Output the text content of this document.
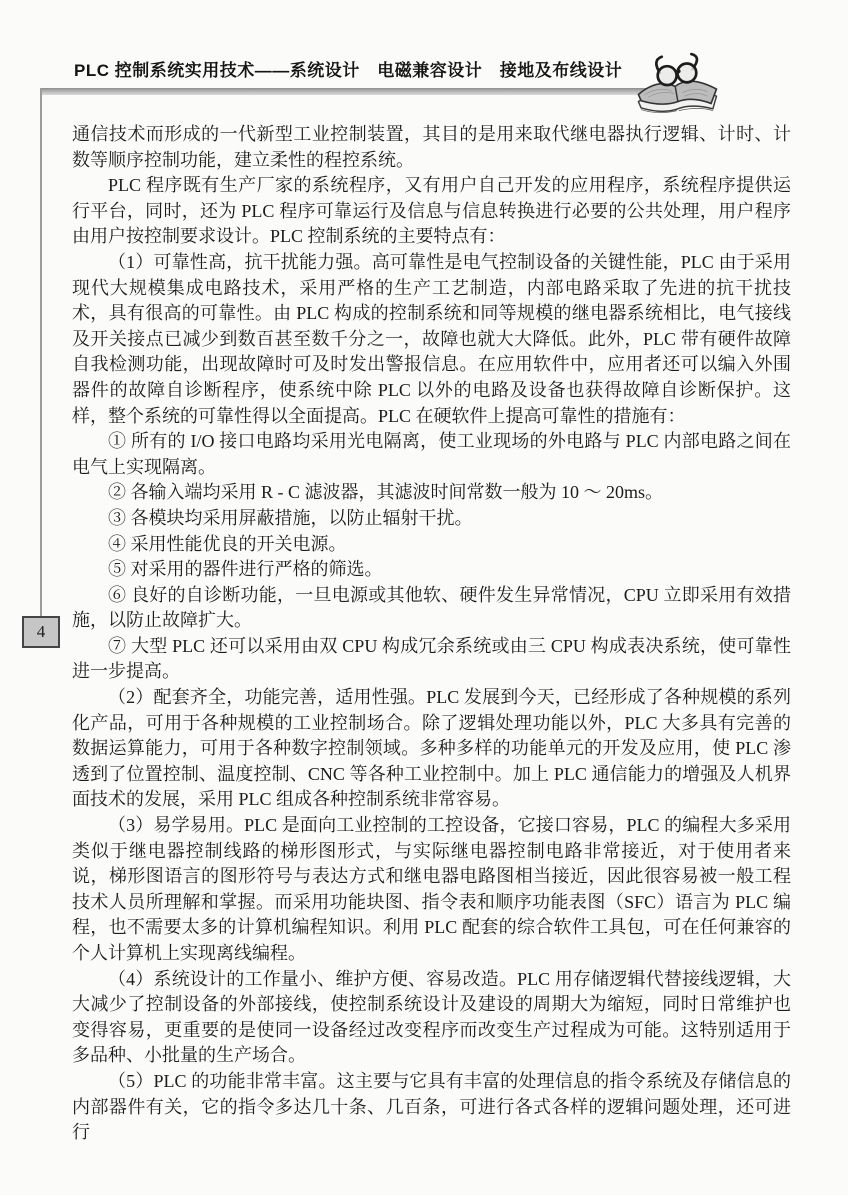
PLC 控制系统实用技术——系统设计　电磁兼容设计　接地及布线设计
4

通信技术而形成的一代新型工业控制装置，其目的是用来取代继电器执行逻辑、计时、计数等顺序控制功能，建立柔性的程控系统。

PLC 程序既有生产厂家的系统程序，又有用户自己开发的应用程序，系统程序提供运行平台，同时，还为 PLC 程序可靠运行及信息与信息转换进行必要的公共处理，用户程序由用户按控制要求设计。PLC 控制系统的主要特点有：

（1）可靠性高，抗干扰能力强。高可靠性是电气控制设备的关键性能，PLC 由于采用现代大规模集成电路技术，采用严格的生产工艺制造，内部电路采取了先进的抗干扰技术，具有很高的可靠性。由 PLC 构成的控制系统和同等规模的继电器系统相比，电气接线及开关接点已减少到数百甚至数千分之一，故障也就大大降低。此外，PLC 带有硬件故障自我检测功能，出现故障时可及时发出警报信息。在应用软件中，应用者还可以编入外围器件的故障自诊断程序，使系统中除 PLC 以外的电路及设备也获得故障自诊断保护。这样，整个系统的可靠性得以全面提高。PLC 在硬软件上提高可靠性的措施有：

① 所有的 I/O 接口电路均采用光电隔离，使工业现场的外电路与 PLC 内部电路之间在电气上实现隔离。

② 各输入端均采用 R - C 滤波器，其滤波时间常数一般为 10 ～ 20ms。

③ 各模块均采用屏蔽措施，以防止辐射干扰。

④ 采用性能优良的开关电源。

⑤ 对采用的器件进行严格的筛选。

⑥ 良好的自诊断功能，一旦电源或其他软、硬件发生异常情况，CPU 立即采用有效措施，以防止故障扩大。

⑦ 大型 PLC 还可以采用由双 CPU 构成冗余系统或由三 CPU 构成表决系统，使可靠性进一步提高。

（2）配套齐全，功能完善，适用性强。PLC 发展到今天，已经形成了各种规模的系列化产品，可用于各种规模的工业控制场合。除了逻辑处理功能以外，PLC 大多具有完善的数据运算能力，可用于各种数字控制领域。多种多样的功能单元的开发及应用，使 PLC 渗透到了位置控制、温度控制、CNC 等各种工业控制中。加上 PLC 通信能力的增强及人机界面技术的发展，采用 PLC 组成各种控制系统非常容易。

（3）易学易用。PLC 是面向工业控制的工控设备，它接口容易，PLC 的编程大多采用类似于继电器控制线路的梯形图形式，与实际继电器控制电路非常接近，对于使用者来说，梯形图语言的图形符号与表达方式和继电器电路图相当接近，因此很容易被一般工程技术人员所理解和掌握。而采用功能块图、指令表和顺序功能表图（SFC）语言为 PLC 编程，也不需要太多的计算机编程知识。利用 PLC 配套的综合软件工具包，可在任何兼容的个人计算机上实现离线编程。

（4）系统设计的工作量小、维护方便、容易改造。PLC 用存储逻辑代替接线逻辑，大大减少了控制设备的外部接线，使控制系统设计及建设的周期大为缩短，同时日常维护也变得容易，更重要的是使同一设备经过改变程序而改变生产过程成为可能。这特别适用于多品种、小批量的生产场合。

（5）PLC 的功能非常丰富。这主要与它具有丰富的处理信息的指令系统及存储信息的内部器件有关，它的指令多达几十条、几百条，可进行各式各样的逻辑问题处理，还可进行
